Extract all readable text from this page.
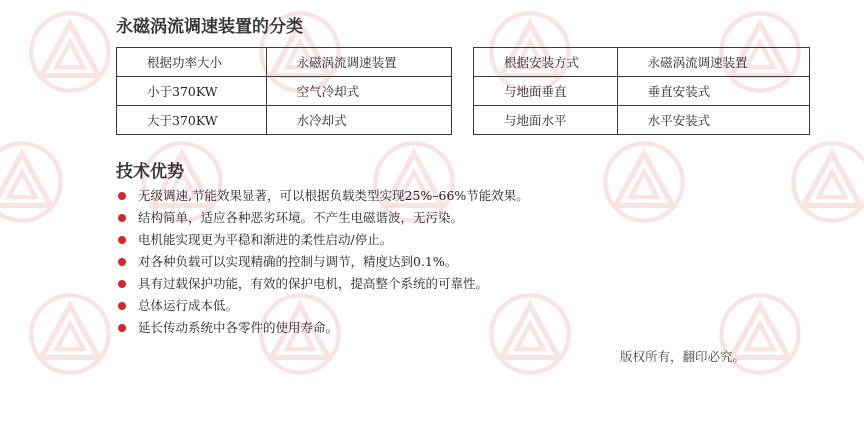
永磁涡流调速装置的分类
根据功率大小	永磁涡流调速装置
小于370KW	空气冷却式
大于370KW	水冷却式
根据安装方式	永磁涡流调速装置
与地面垂直	垂直安装式
与地面水平	水平安装式
技术优势
无级调速,节能效果显著，可以根据负载类型实现25%–66%节能效果。
结构简单，适应各种恶劣环境。不产生电磁谐波，无污染。
电机能实现更为平稳和渐进的柔性启动/停止。
对各种负载可以实现精确的控制与调节，精度达到0.1%。
具有过载保护功能，有效的保护电机，提高整个系统的可靠性。
总体运行成本低。
延长传动系统中各零件的使用寿命。
版权所有，翻印必究。
